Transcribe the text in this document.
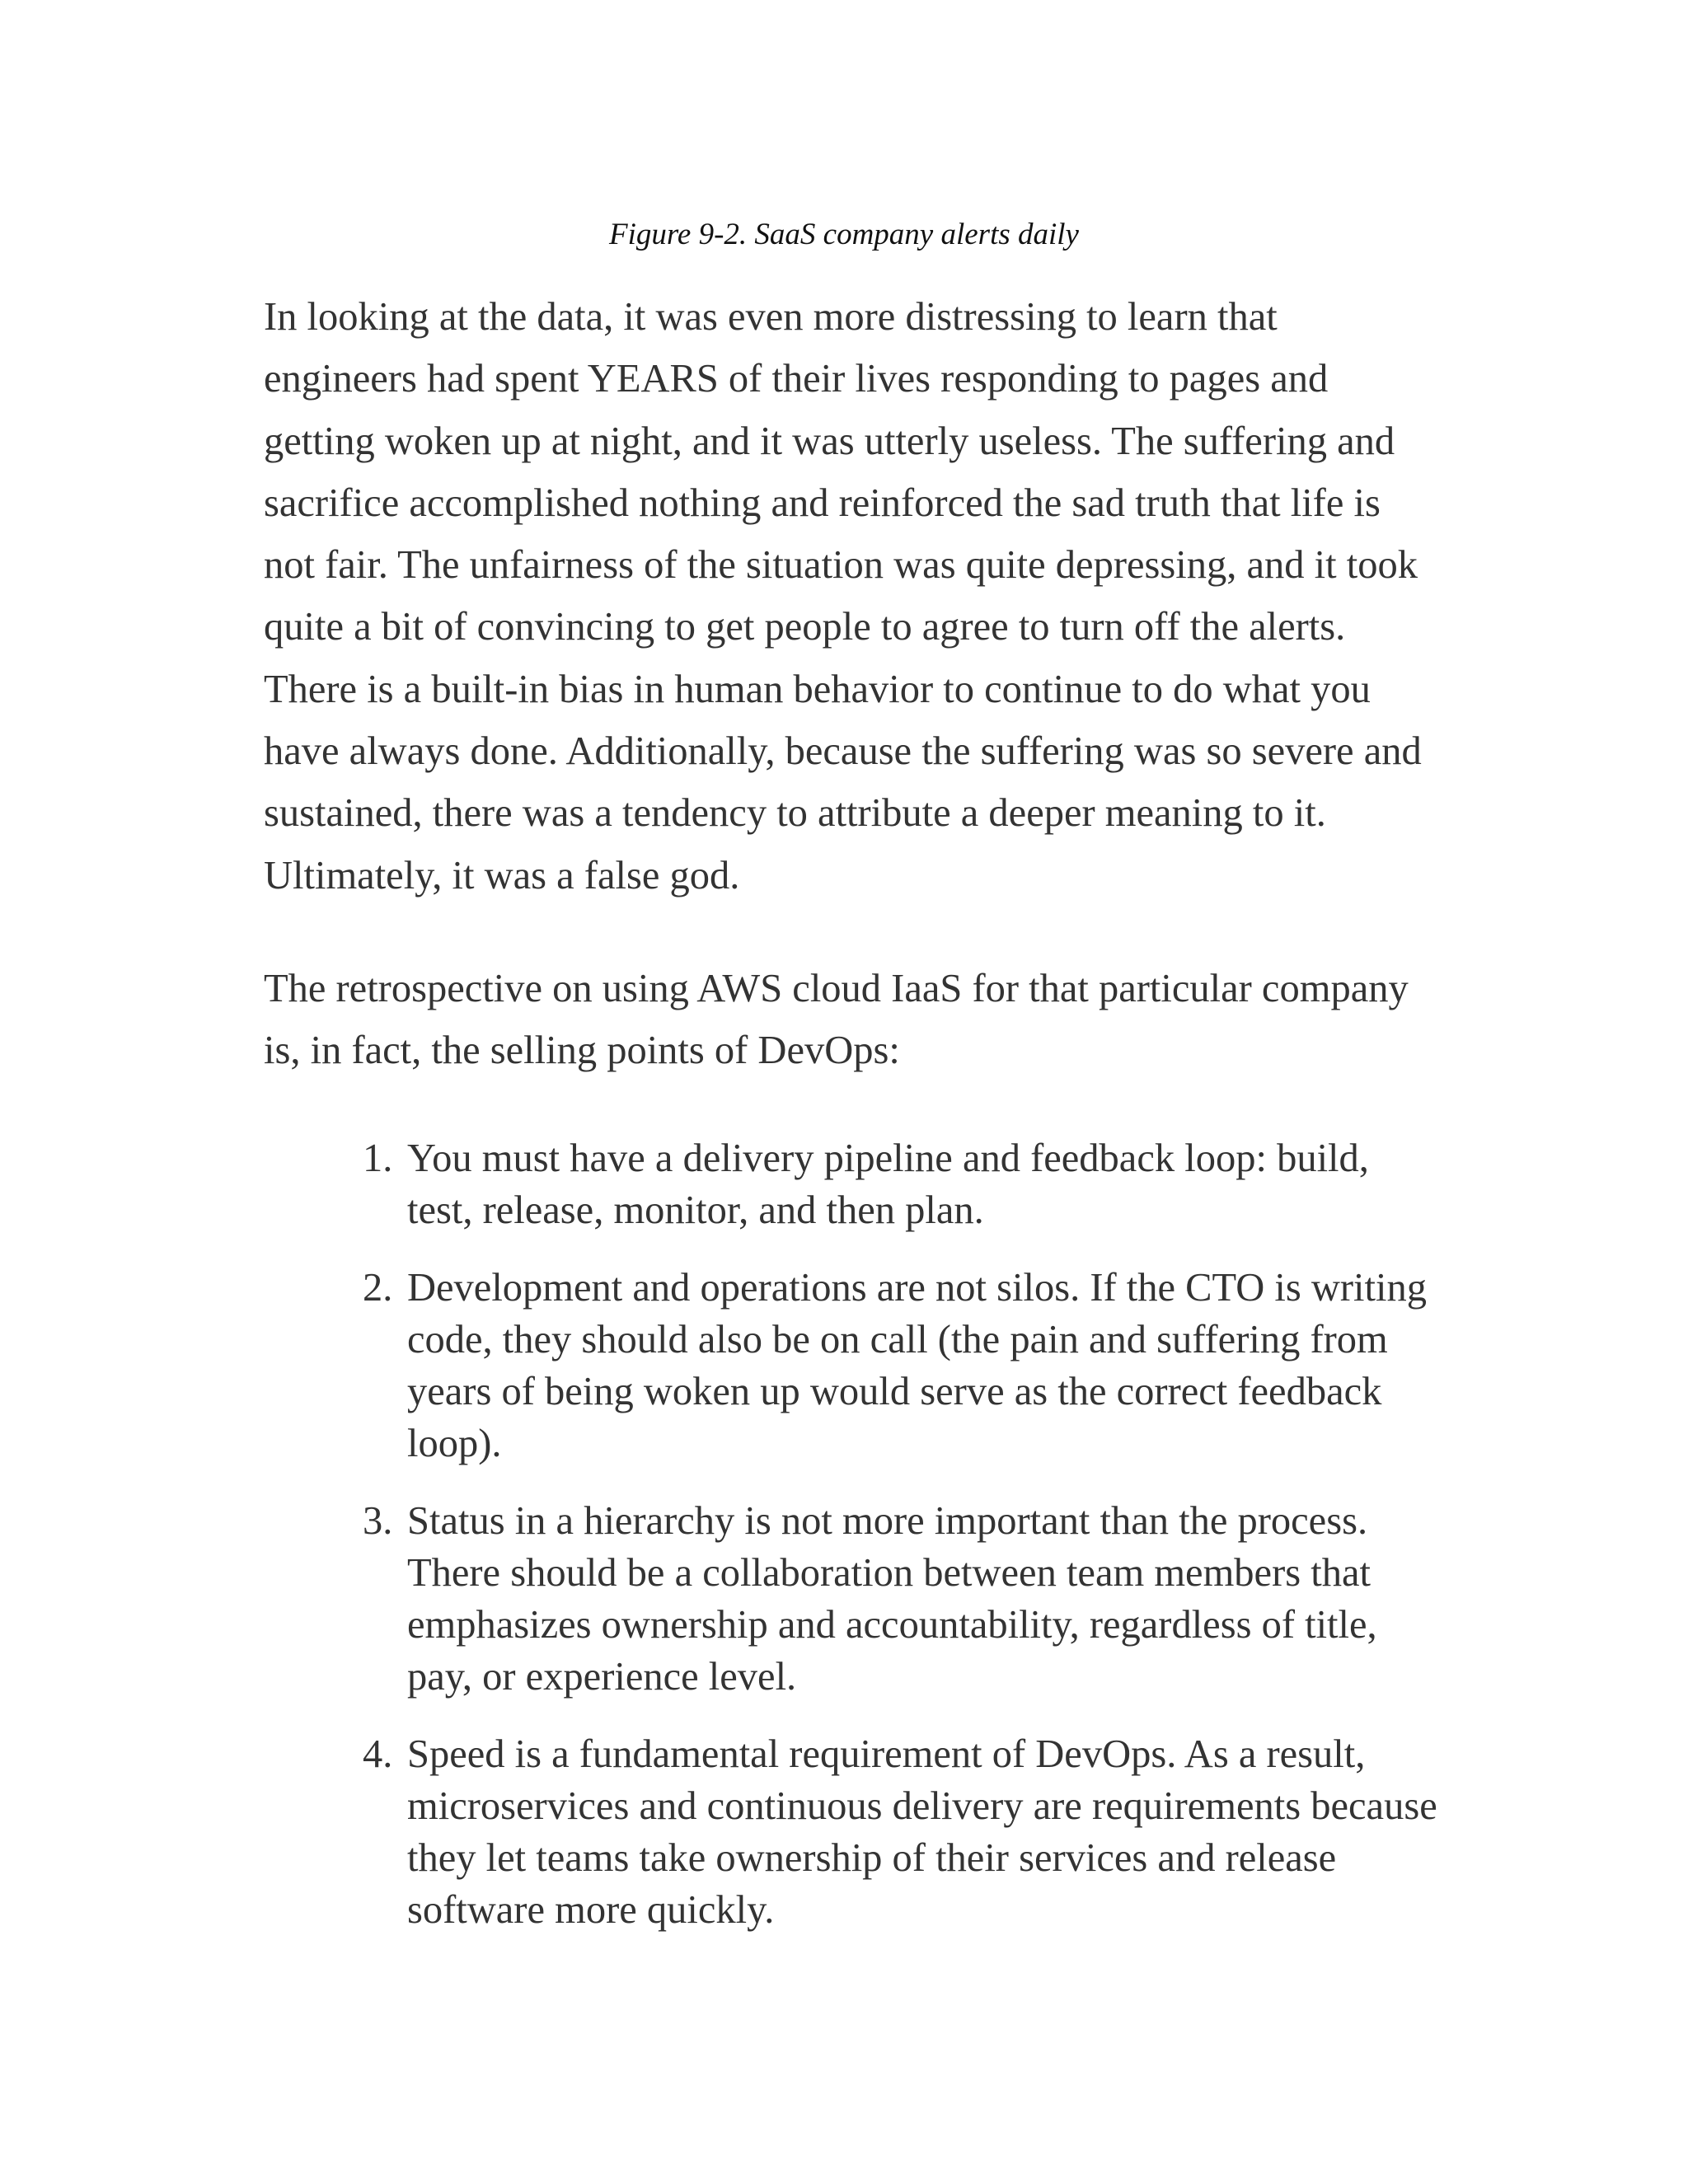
Figure 9-2. SaaS company alerts daily

In looking at the data, it was even more distressing to learn that engineers had spent YEARS of their lives responding to pages and getting woken up at night, and it was utterly useless. The suffering and sacrifice accomplished nothing and reinforced the sad truth that life is not fair. The unfairness of the situation was quite depressing, and it took quite a bit of convincing to get people to agree to turn off the alerts. There is a built-in bias in human behavior to continue to do what you have always done. Additionally, because the suffering was so severe and sustained, there was a tendency to attribute a deeper meaning to it. Ultimately, it was a false god.

The retrospective on using AWS cloud IaaS for that particular company is, in fact, the selling points of DevOps:

1. You must have a delivery pipeline and feedback loop: build, test, release, monitor, and then plan.
2. Development and operations are not silos. If the CTO is writing code, they should also be on call (the pain and suffering from years of being woken up would serve as the correct feedback loop).
3. Status in a hierarchy is not more important than the process. There should be a collaboration between team members that emphasizes ownership and accountability, regardless of title, pay, or experience level.
4. Speed is a fundamental requirement of DevOps. As a result, microservices and continuous delivery are requirements because they let teams take ownership of their services and release software more quickly.
